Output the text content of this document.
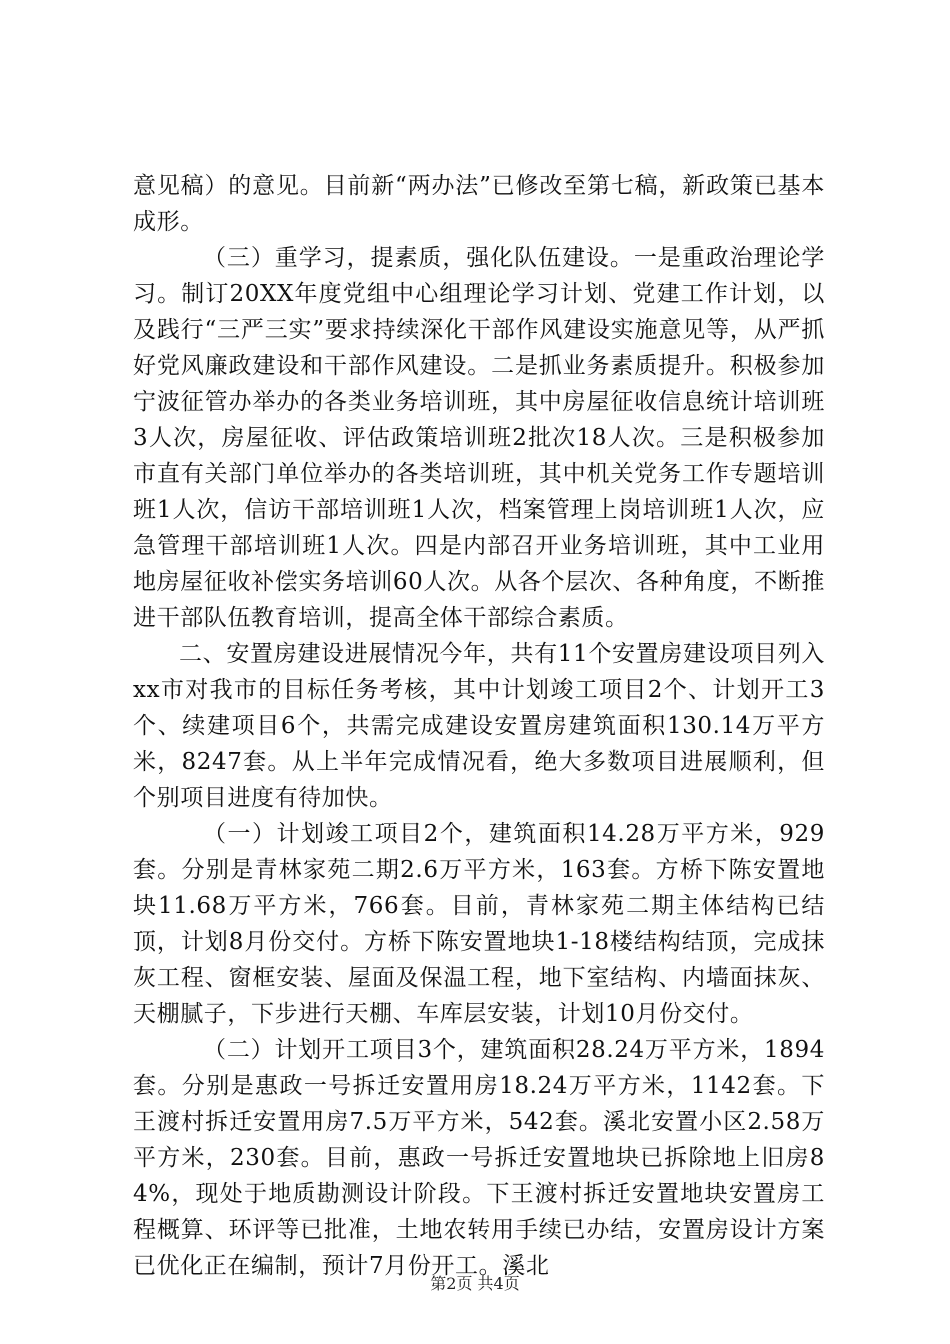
意见稿）的意见。目前新“两办法”已修改至第七稿，新政策已基本成形。

（三）重学习，提素质，强化队伍建设。一是重政治理论学习。制订20XX年度党组中心组理论学习计划、党建工作计划，以及践行“三严三实”要求持续深化干部作风建设实施意见等，从严抓好党风廉政建设和干部作风建设。二是抓业务素质提升。积极参加宁波征管办举办的各类业务培训班，其中房屋征收信息统计培训班3人次，房屋征收、评估政策培训班2批次18人次。三是积极参加市直有关部门单位举办的各类培训班，其中机关党务工作专题培训班1人次，信访干部培训班1人次，档案管理上岗培训班1人次，应急管理干部培训班1人次。四是内部召开业务培训班，其中工业用地房屋征收补偿实务培训60人次。从各个层次、各种角度，不断推进干部队伍教育培训，提高全体干部综合素质。

二、安置房建设进展情况今年，共有11个安置房建设项目列入xx市对我市的目标任务考核，其中计划竣工项目2个、计划开工3个、续建项目6个，共需完成建设安置房建筑面积130.14万平方米，8247套。从上半年完成情况看，绝大多数项目进展顺利，但个别项目进度有待加快。

（一）计划竣工项目2个，建筑面积14.28万平方米，929套。分别是青林家苑二期2.6万平方米，163套。方桥下陈安置地块11.68万平方米，766套。目前，青林家苑二期主体结构已结顶，计划8月份交付。方桥下陈安置地块1-18楼结构结顶，完成抹灰工程、窗框安装、屋面及保温工程，地下室结构、内墙面抹灰、天棚腻子，下步进行天棚、车库层安装，计划10月份交付。

（二）计划开工项目3个，建筑面积28.24万平方米，1894套。分别是惠政一号拆迁安置用房18.24万平方米，1142套。下王渡村拆迁安置用房7.5万平方米，542套。溪北安置小区2.58万平方米，230套。目前，惠政一号拆迁安置地块已拆除地上旧房84%，现处于地质勘测设计阶段。下王渡村拆迁安置地块安置房工程概算、环评等已批准，土地农转用手续已办结，安置房设计方案已优化正在编制，预计7月份开工。溪北

第2页 共4页
